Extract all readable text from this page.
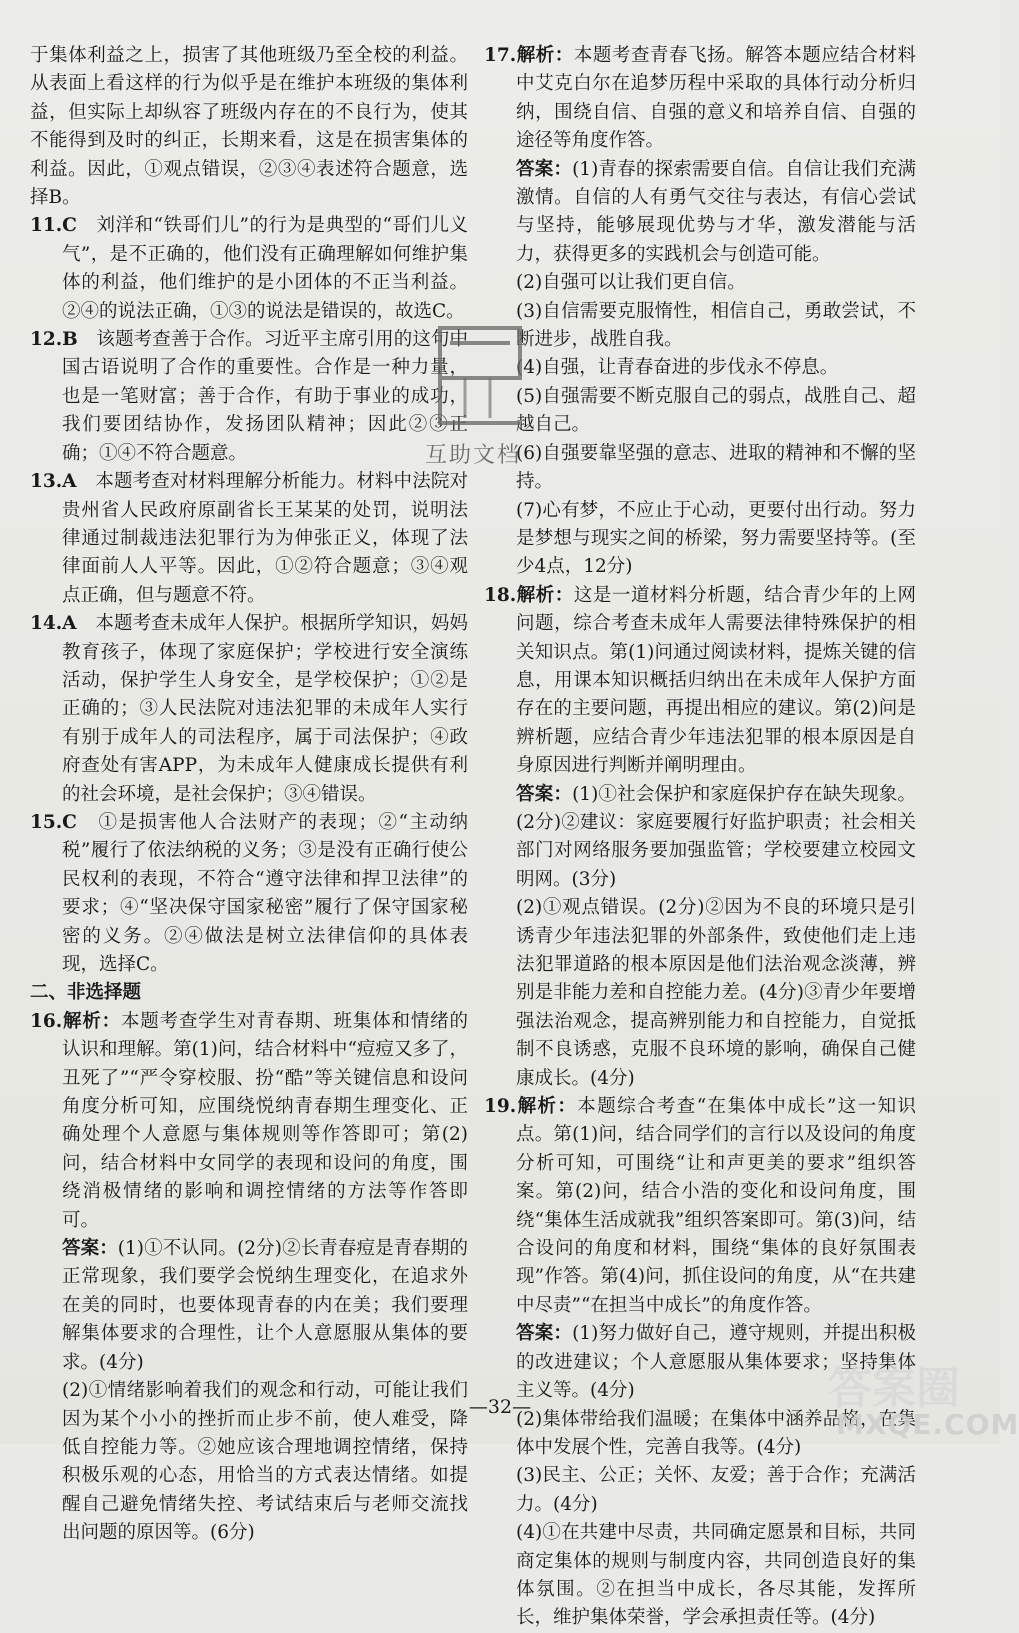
于集体利益之上，损害了其他班级乃至全校的利益。从表面上看这样的行为似乎是在维护本班级的集体利益，但实际上却纵容了班级内存在的不良行为，使其不能得到及时的纠正，长期来看，这是在损害集体的利益。因此，①观点错误，②③④表述符合题意，选择B。

11.C　 刘洋和“铁哥们儿”的行为是典型的“哥们儿义气”，是不正确的，他们没有正确理解如何维护集体的利益，他们维护的是小团体的不正当利益。②④的说法正确，①③的说法是错误的，故选C。

12.B　 该题考查善于合作。习近平主席引用的这句中国古语说明了合作的重要性。合作是一种力量，也是一笔财富；善于合作，有助于事业的成功，我们要团结协作，发扬团队精神；因此②③正确；①④不符合题意。

13.A　 本题考查对材料理解分析能力。材料中法院对贵州省人民政府原副省长王某某的处罚，说明法律通过制裁违法犯罪行为为伸张正义，体现了法律面前人人平等。因此，①②符合题意；③④观点正确，但与题意不符。

14.A　 本题考查未成年人保护。根据所学知识，妈妈教育孩子，体现了家庭保护；学校进行安全演练活动，保护学生人身安全，是学校保护；①②是正确的；③人民法院对违法犯罪的未成年人实行有别于成年人的司法程序，属于司法保护；④政府查处有害APP，为未成年人健康成长提供有利的社会环境，是社会保护；③④错误。

15.C　 ①是损害他人合法财产的表现；②“主动纳税”履行了依法纳税的义务；③是没有正确行使公民权利的表现，不符合“遵守法律和捍卫法律”的要求；④“坚决保守国家秘密”履行了保守国家秘密的义务。②④做法是树立法律信仰的具体表现，选择C。

二、非选择题

16.解析：本题考查学生对青春期、班集体和情绪的认识和理解。第(1)问，结合材料中“痘痘又多了，丑死了”“严令穿校服、扮“酷”等关键信息和设问角度分析可知，应围绕悦纳青春期生理变化、正确处理个人意愿与集体规则等作答即可；第(2)问，结合材料中女同学的表现和设问的角度，围绕消极情绪的影响和调控情绪的方法等作答即可。

答案：(1)①不认同。(2分)②长青春痘是青春期的正常现象，我们要学会悦纳生理变化，在追求外在美的同时，也要体现青春的内在美；我们要理解集体要求的合理性，让个人意愿服从集体的要求。(4分)

(2)①情绪影响着我们的观念和行动，可能让我们因为某个小小的挫折而止步不前，使人难受，降低自控能力等。②她应该合理地调控情绪，保持积极乐观的心态，用恰当的方式表达情绪。如提醒自己避免情绪失控、考试结束后与老师交流找出问题的原因等。(6分)

17.解析：本题考查青春飞扬。解答本题应结合材料中艾克白尔在追梦历程中采取的具体行动分析归纳，围绕自信、自强的意义和培养自信、自强的途径等角度作答。

答案：(1)青春的探索需要自信。自信让我们充满激情。自信的人有勇气交往与表达，有信心尝试与坚持，能够展现优势与才华，激发潜能与活力，获得更多的实践机会与创造可能。

(2)自强可以让我们更自信。

(3)自信需要克服惰性，相信自己，勇敢尝试，不断进步，战胜自我。

(4)自强，让青春奋进的步伐永不停息。

(5)自强需要不断克服自己的弱点，战胜自己、超越自己。

(6)自强要靠坚强的意志、进取的精神和不懈的坚持。

(7)心有梦，不应止于心动，更要付出行动。努力是梦想与现实之间的桥梁，努力需要坚持等。(至少4点，12分)

18.解析：这是一道材料分析题，结合青少年的上网问题，综合考查未成年人需要法律特殊保护的相关知识点。第(1)问通过阅读材料，提炼关键的信息，用课本知识概括归纳出在未成年人保护方面存在的主要问题，再提出相应的建议。第(2)问是辨析题，应结合青少年违法犯罪的根本原因是自身原因进行判断并阐明理由。

答案：(1)①社会保护和家庭保护存在缺失现象。(2分)②建议：家庭要履行好监护职责；社会相关部门对网络服务要加强监管；学校要建立校园文明网。(3分)

(2)①观点错误。(2分)②因为不良的环境只是引诱青少年违法犯罪的外部条件，致使他们走上违法犯罪道路的根本原因是他们法治观念淡薄，辨别是非能力差和自控能力差。(4分)③青少年要增强法治观念，提高辨别能力和自控能力，自觉抵制不良诱惑，克服不良环境的影响，确保自己健康成长。(4分)

19.解析：本题综合考查“在集体中成长”这一知识点。第(1)问，结合同学们的言行以及设问的角度分析可知，可围绕“让和声更美的要求”组织答案。第(2)问，结合小浩的变化和设问角度，围绕“集体生活成就我”组织答案即可。第(3)问，结合设问的角度和材料，围绕“集体的良好氛围表现”作答。第(4)问，抓住设问的角度，从“在共建中尽责”“在担当中成长”的角度作答。

答案：(1)努力做好自己，遵守规则，并提出积极的改进建议；个人意愿服从集体要求；坚持集体主义等。(4分)

(2)集体带给我们温暖；在集体中涵养品格，在集体中发展个性，完善自我等。(4分)

(3)民主、公正；关怀、友爱；善于合作；充满活力。(4分)

(4)①在共建中尽责，共同确定愿景和目标，共同商定集体的规则与制度内容，共同创造良好的集体氛围。②在担当中成长，各尽其能，发挥所长，维护集体荣誉，学会承担责任等。(4分)

互助文档
—32—	答案圈
MXQE.COM
